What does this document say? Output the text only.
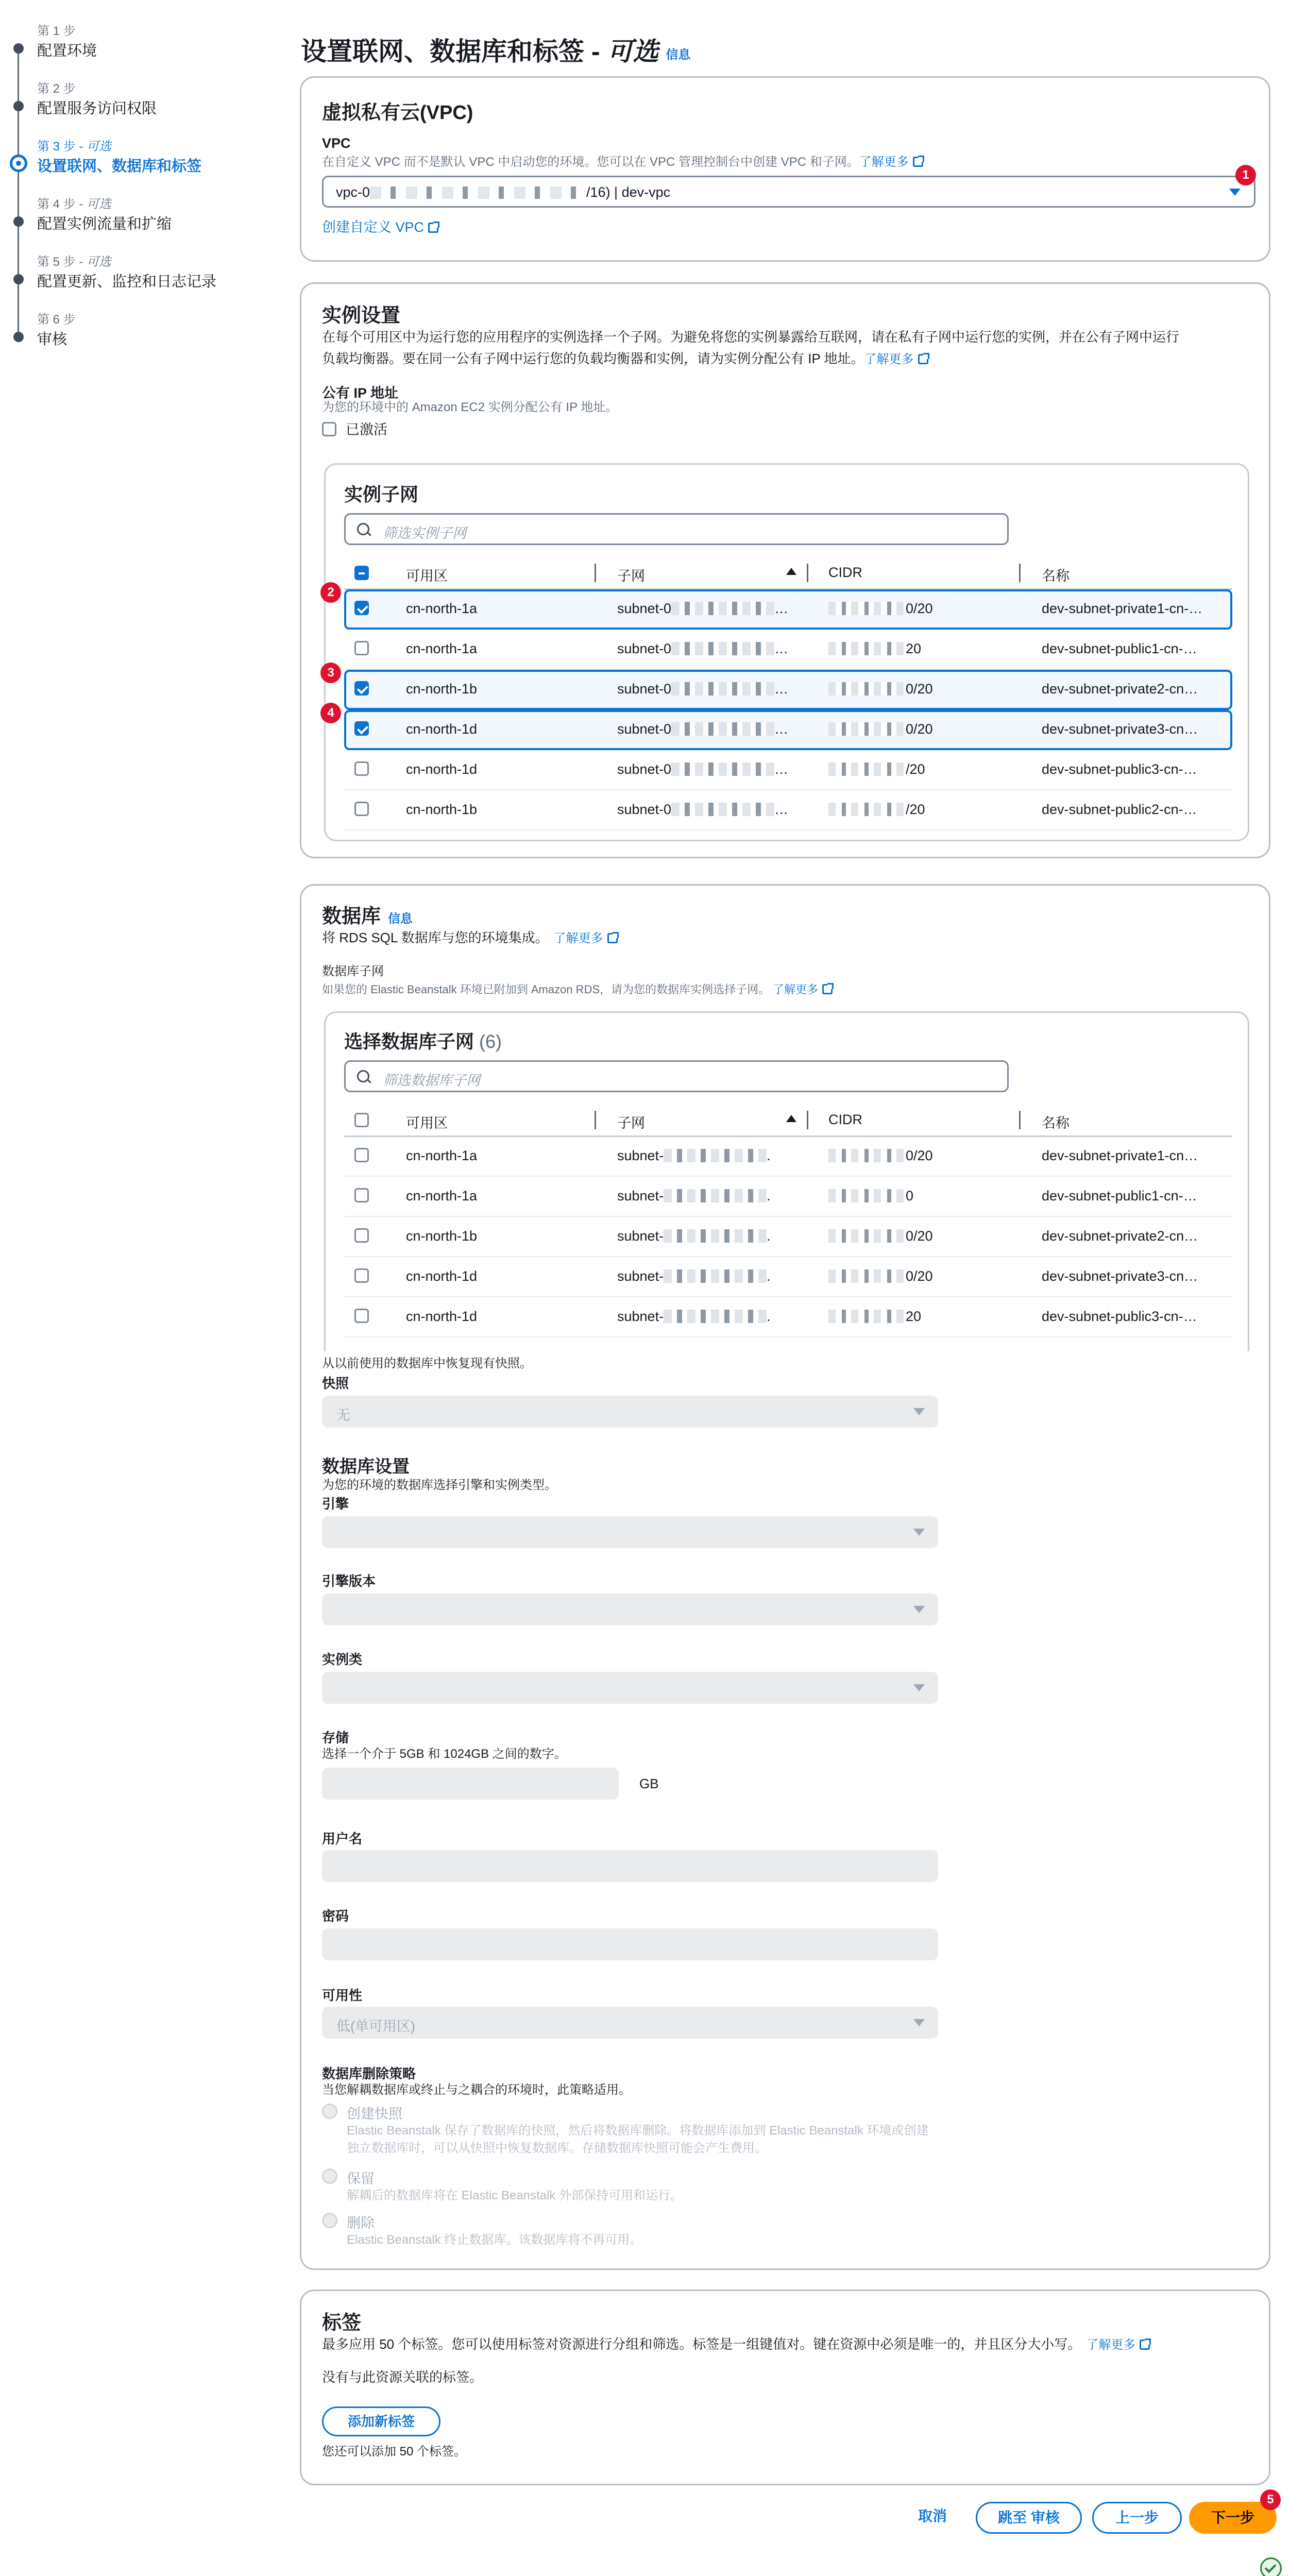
第 1 步
配置环境
第 2 步
配置服务访问权限
第 3 步 - 可选
设置联网、数据库和标签
第 4 步 - 可选
配置实例流量和扩缩
第 5 步 - 可选
配置更新、监控和日志记录
第 6 步
审核
设置联网、数据库和标签 - 可选 信息
虚拟私有云(VPC)
VPC
在自定义 VPC 而不是默认 VPC 中启动您的环境。您可以在 VPC 管理控制台中创建 VPC 和子网。了解更多
vpc-0	/16) | dev-vpc
创建自定义 VPC
1
实例设置
在每个可用区中为运行您的应用程序的实例选择一个子网。为避免将您的实例暴露给互联网，请在私有子网中运行您的实例，并在公有子网中运行
负载均衡器。要在同一公有子网中运行您的负载均衡器和实例，请为实例分配公有 IP 地址。了解更多
公有 IP 地址
为您的环境中的 Amazon EC2 实例分配公有 IP 地址。
已激活
实例子网
筛选实例子网
可用区	子网	CIDR	名称
cn-north-1a	subnet-0	…	0/20	dev-subnet-private1-cn-…
cn-north-1a	subnet-0	…	20	dev-subnet-public1-cn-…
cn-north-1b	subnet-0	…	0/20	dev-subnet-private2-cn…
cn-north-1d	subnet-0	…	0/20	dev-subnet-private3-cn…
cn-north-1d	subnet-0	…	/20	dev-subnet-public3-cn-…
cn-north-1b	subnet-0	…	/20	dev-subnet-public2-cn-…
数据库 信息
将 RDS SQL 数据库与您的环境集成。 了解更多
数据库子网
如果您的 Elastic Beanstalk 环境已附加到 Amazon RDS，请为您的数据库实例选择子网。 了解更多
选择数据库子网 (6)
筛选数据库子网
可用区	子网	CIDR	名称
cn-north-1a	subnet-	.	0/20	dev-subnet-private1-cn…
cn-north-1a	subnet-	.	0	dev-subnet-public1-cn-…
cn-north-1b	subnet-	.	0/20	dev-subnet-private2-cn…
cn-north-1d	subnet-	.	0/20	dev-subnet-private3-cn…
cn-north-1d	subnet-	.	20	dev-subnet-public3-cn-…
从以前使用的数据库中恢复现有快照。
快照
无
数据库设置
为您的环境的数据库选择引擎和实例类型。
引擎
引擎版本
实例类
存储
选择一个介于 5GB 和 1024GB 之间的数字。
GB
用户名
密码
可用性
低(单可用区)
数据库删除策略
当您解耦数据库或终止与之耦合的环境时，此策略适用。
创建快照
Elastic Beanstalk 保存了数据库的快照，然后将数据库删除。将数据库添加到 Elastic Beanstalk 环境或创建
独立数据库时，可以从快照中恢复数据库。存储数据库快照可能会产生费用。
保留
解耦后的数据库将在 Elastic Beanstalk 外部保持可用和运行。
删除
Elastic Beanstalk 终止数据库。该数据库将不再可用。
标签
最多应用 50 个标签。您可以使用标签对资源进行分组和筛选。标签是一组键值对。键在资源中必须是唯一的，并且区分大小写。 了解更多
没有与此资源关联的标签。
添加新标签
您还可以添加 50 个标签。
取消	跳至 审核	上一步	下一步
5
2
3
4
